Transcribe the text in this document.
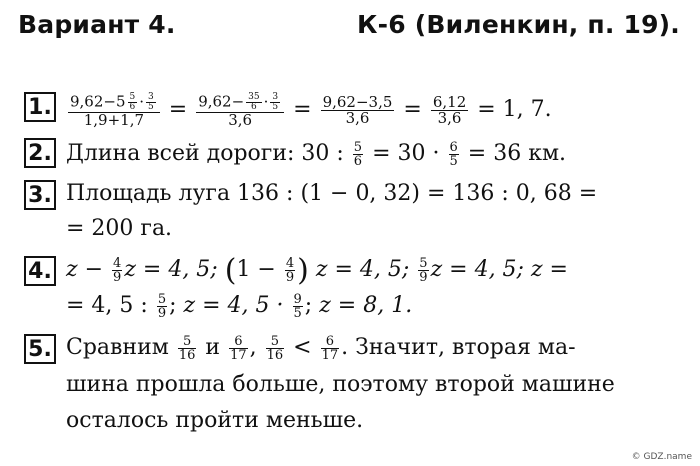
Вариант 4.	К-6 (Виленкин, п. 19).
1. $\frac{9,62-5 \frac{5}{6} \cdot \frac{3}{5}}{1,9+1,7} = \frac{9,62- \frac{35}{6} \cdot \frac{3}{5}}{3,6} = \frac{9,62-3,5}{3,6} = \frac{6,12}{3,6} = 1$, 7.
2. Длина всей дороги: 30 : $\frac{5}{6} = 30 \cdot \frac{6}{5} = 36$ км.
3. Площадь луга 136 : (1 − 0, 32) = 136 : 0, 68 =
= 200 га.
4. $z - \frac{4}{9}$ z = 4, 5; ($1 - \frac{4}{9}$ ) z = 4, 5; $\frac{5}{9}$ z = 4, 5; z =
= 4, 5 : $\frac{5}{9}$ ; z = 4, $5 \cdot \frac{9}{5}$ ; z = 8, 1.
5. Сравним $\frac{5}{16}$ и $\frac{6}{17}$ , $\frac{5}{16} < \frac{6}{17}$ . Значит, вторая ма-
шина прошла больше, поэтому второй машине
осталось пройти меньше.
© GDZ.name
